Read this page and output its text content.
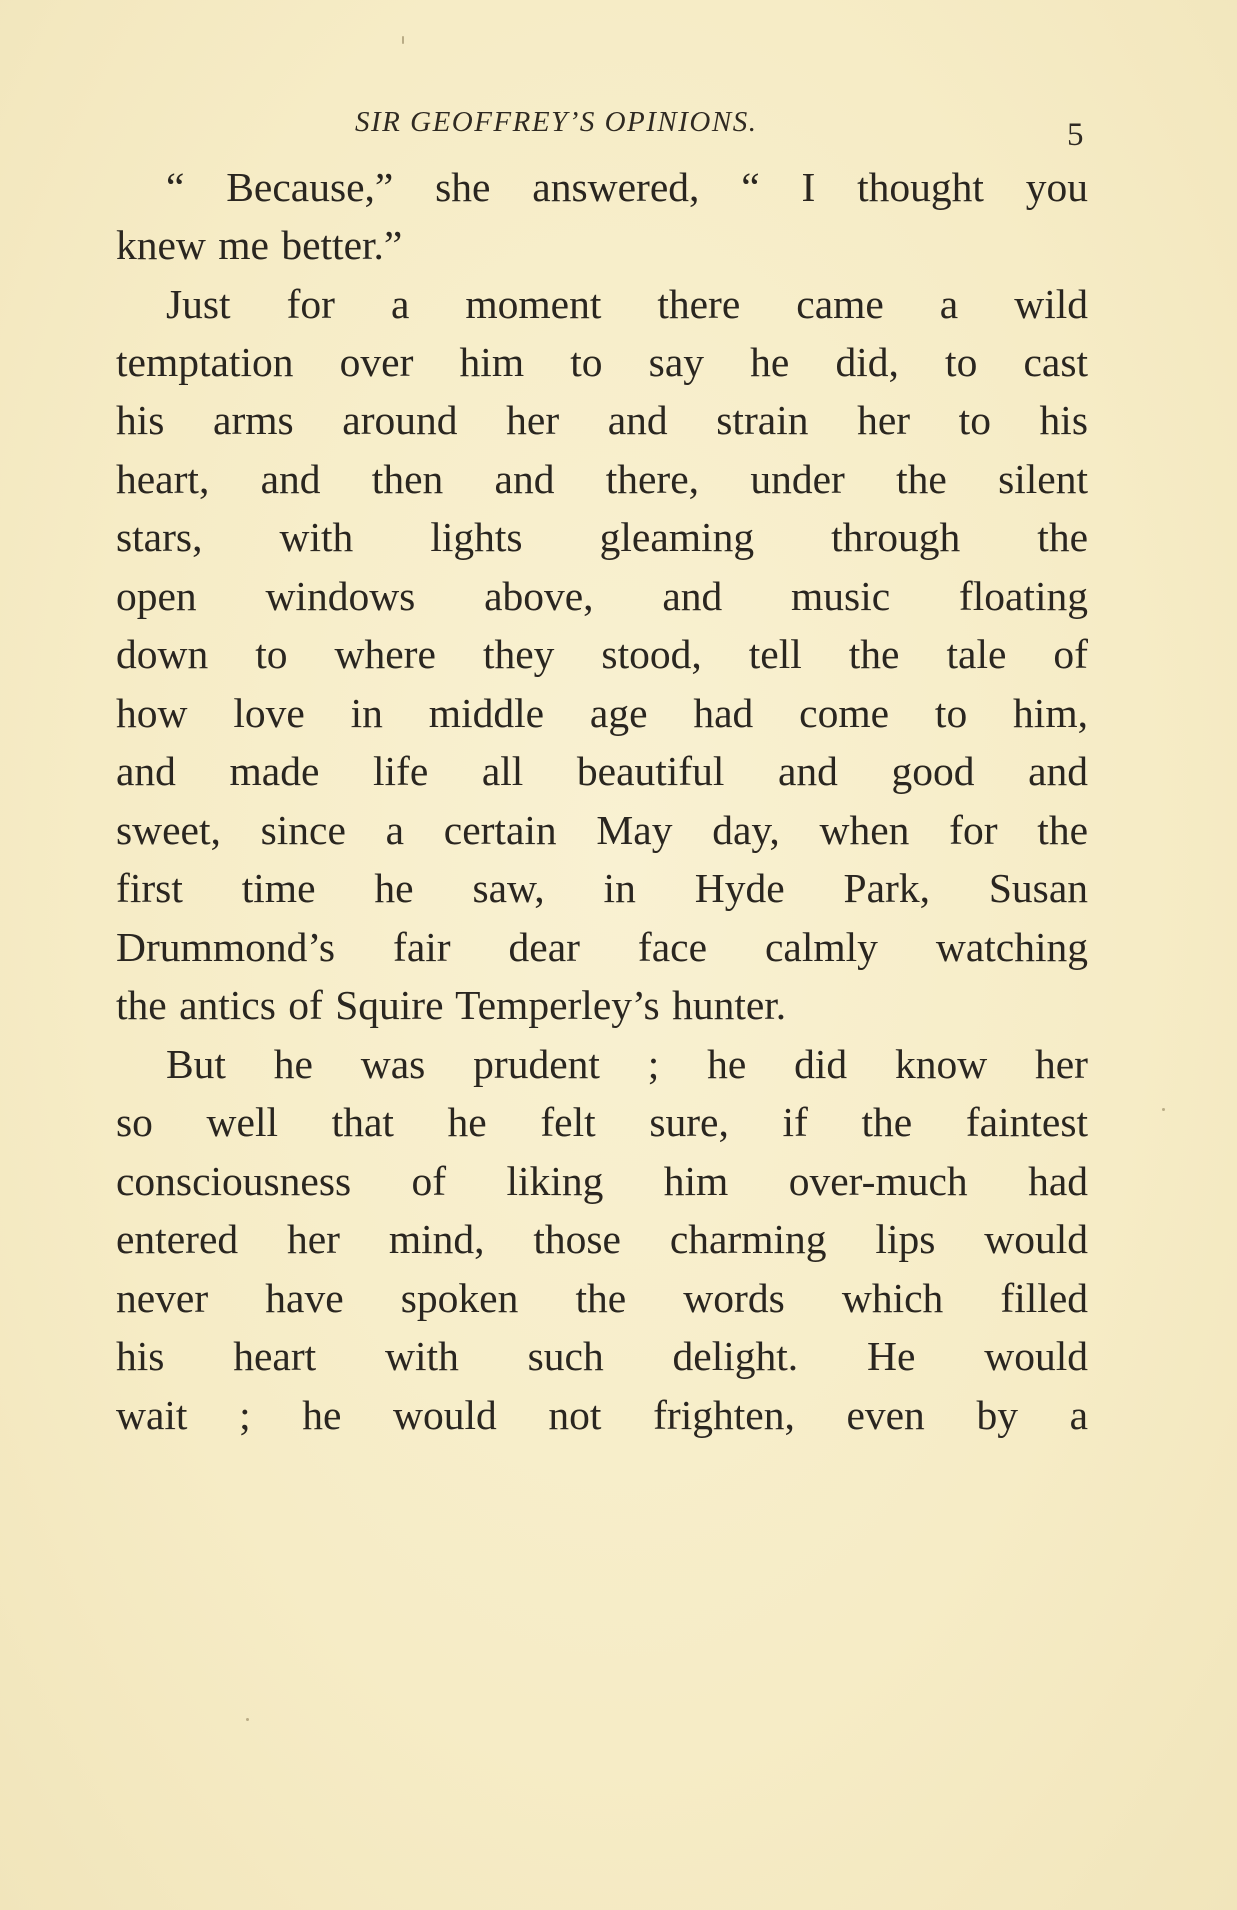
SIR GEOFFREY’S OPINIONS.	5
“ Because,” she answered, “ I thought you
knew me better.”
Just for a moment there came a wild
temptation over him to say he did, to cast
his arms around her and strain her to his
heart, and then and there, under the silent
stars, with lights gleaming through the
open windows above, and music floating
down to where they stood, tell the tale of
how love in middle age had come to him,
and made life all beautiful and good and
sweet, since a certain May day, when for the
first time he saw, in Hyde Park, Susan
Drummond’s fair dear face calmly watching
the antics of Squire Temperley’s hunter.
But he was prudent ; he did know her
so well that he felt sure, if the faintest
consciousness of liking him over-much had
entered her mind, those charming lips would
never have spoken the words which filled
his heart with such delight. He would
wait ; he would not frighten, even by a
